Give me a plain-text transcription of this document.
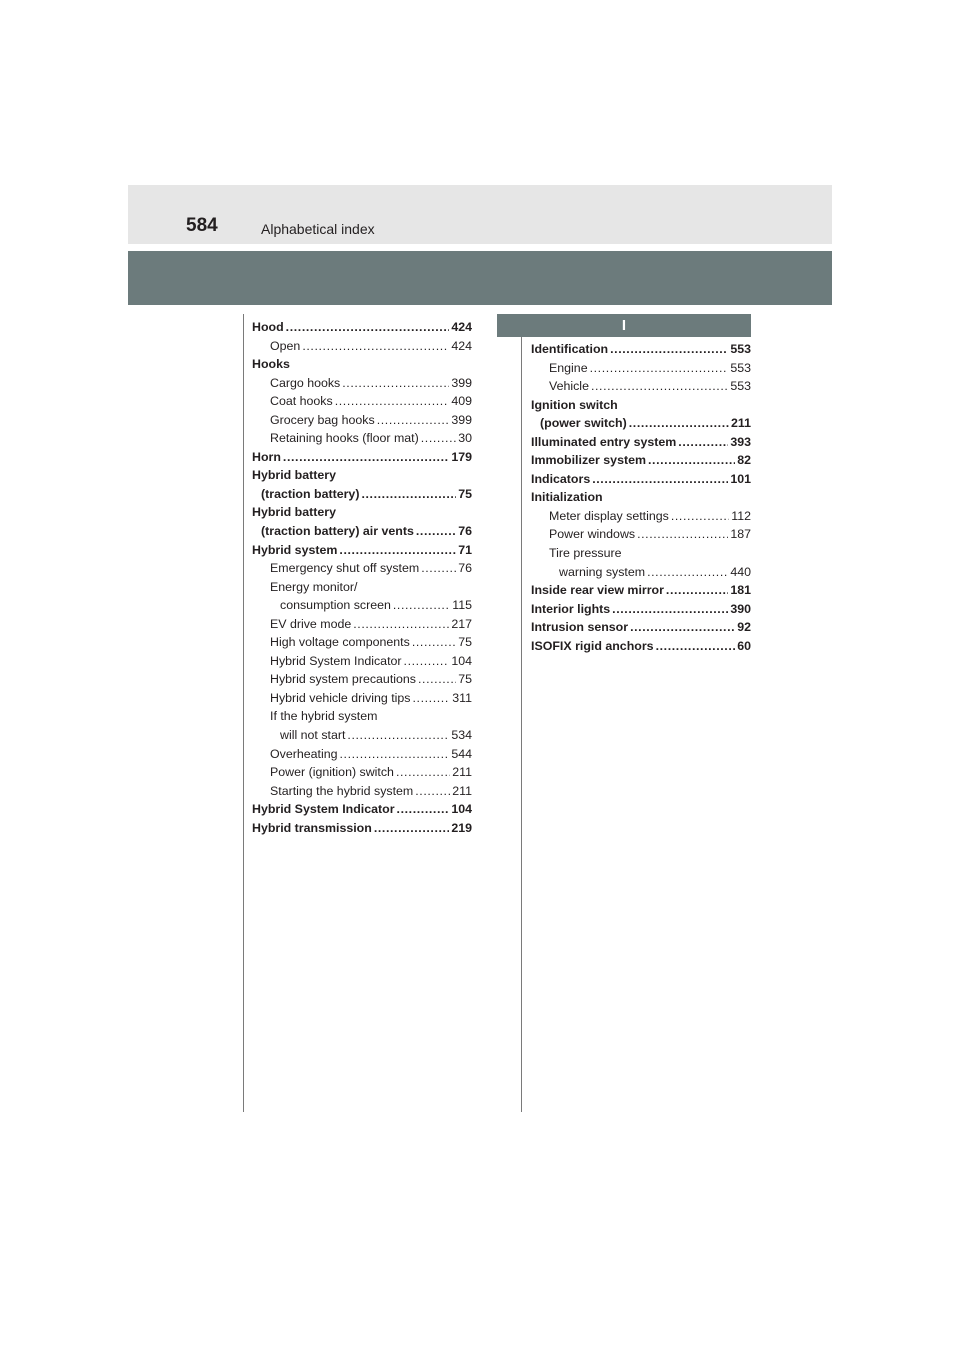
584	Alphabetical index
I
Hood .....	424
Open .....	424
Hooks
Cargo hooks .....	399
Coat hooks .....	409
Grocery bag hooks .....	399
Retaining hooks (floor mat) .....	30
Horn .....	179
Hybrid battery
(traction battery) .....	75
Hybrid battery
(traction battery) air vents .....	76
Hybrid system .....	71
Emergency shut off system .....	76
Energy monitor/
consumption screen .....	115
EV drive mode .....	217
High voltage components .....	75
Hybrid System Indicator .....	104
Hybrid system precautions .....	75
Hybrid vehicle driving tips .....	311
If the hybrid system
will not start .....	534
Overheating .....	544
Power (ignition) switch .....	211
Starting the hybrid system .....	211
Hybrid System Indicator .....	104
Hybrid transmission .....	219
Identification .....	553
Engine .....	553
Vehicle .....	553
Ignition switch
(power switch) .....	211
Illuminated entry system .....	393
Immobilizer system .....	82
Indicators .....	101
Initialization
Meter display settings .....	112
Power windows .....	187
Tire pressure
warning system .....	440
Inside rear view mirror .....	181
Interior lights .....	390
Intrusion sensor .....	92
ISOFIX rigid anchors .....	60
